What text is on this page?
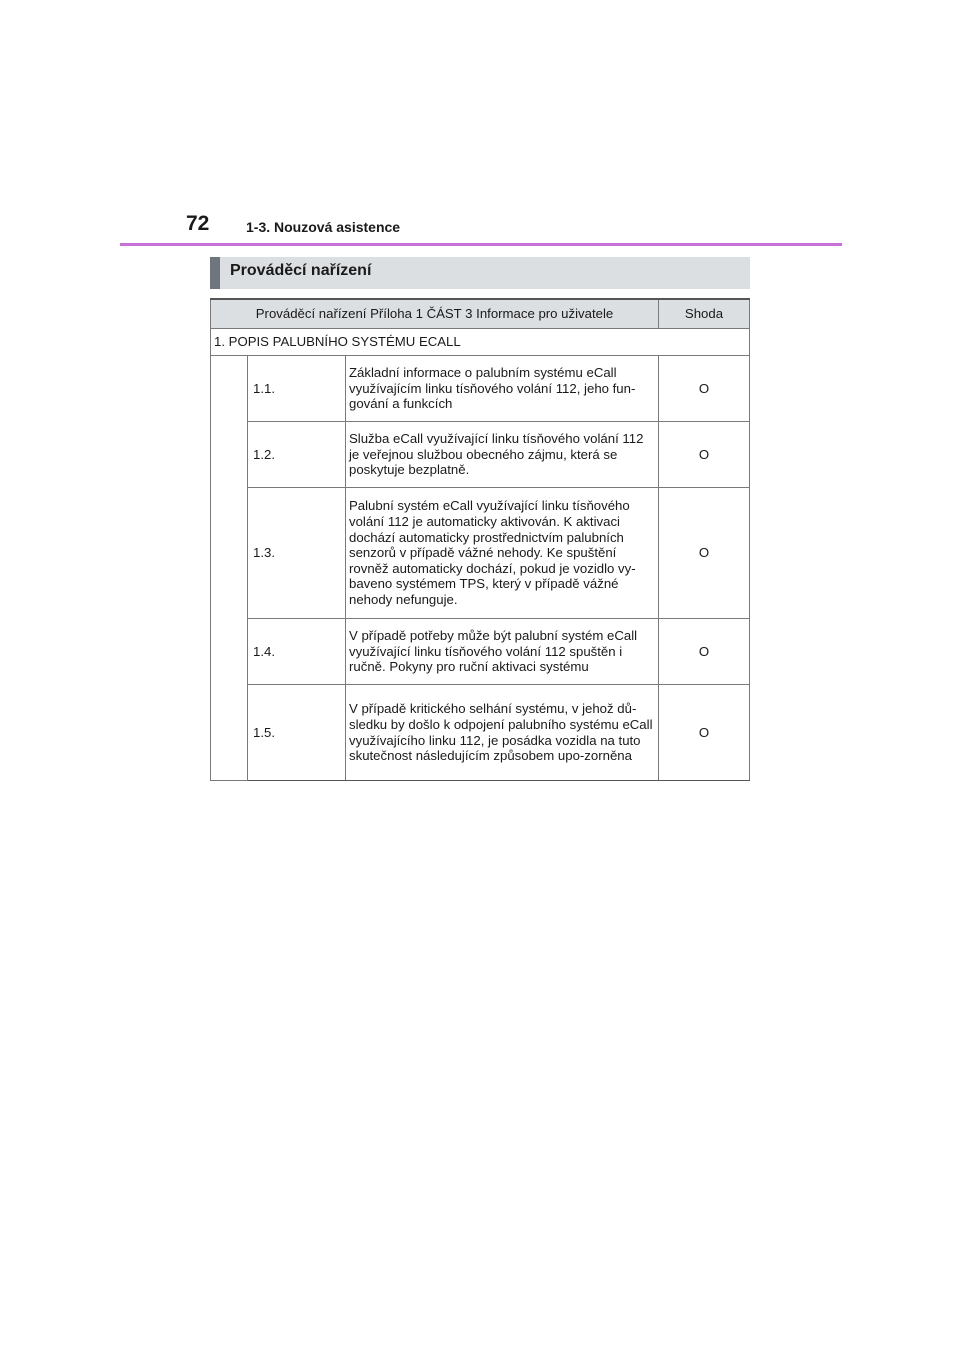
72	1-3. Nouzová asistence
Prováděcí nařízení
Prováděcí nařízení Příloha 1 ČÁST 3 Informace pro uživatele			Shoda
1. POPIS PALUBNÍHO SYSTÉMU ECALL			
	1.1.	Základní informace o palubním systému eCall využívajícím linku tísňového volání 112, jeho fun-gování a funkcích	O
	1.2.	Služba eCall využívající linku tísňového volání 112 je veřejnou službou obecného zájmu, která se poskytuje bezplatně.	O
	1.3.	Palubní systém eCall využívající linku tísňového volání 112 je automaticky aktivován. K aktivaci dochází automaticky prostřednictvím palubních senzorů v případě vážné nehody. Ke spuštění rovněž automaticky dochází, pokud je vozidlo vy-baveno systémem TPS, který v případě vážné nehody nefunguje.	O
	1.4.	V případě potřeby může být palubní systém eCall využívající linku tísňového volání 112 spuštěn i ručně. Pokyny pro ruční aktivaci systému	O
	1.5.	V případě kritického selhání systému, v jehož dů-sledku by došlo k odpojení palubního systému eCall využívajícího linku 112, je posádka vozidla na tuto skutečnost následujícím způsobem upo-zorněna	O
